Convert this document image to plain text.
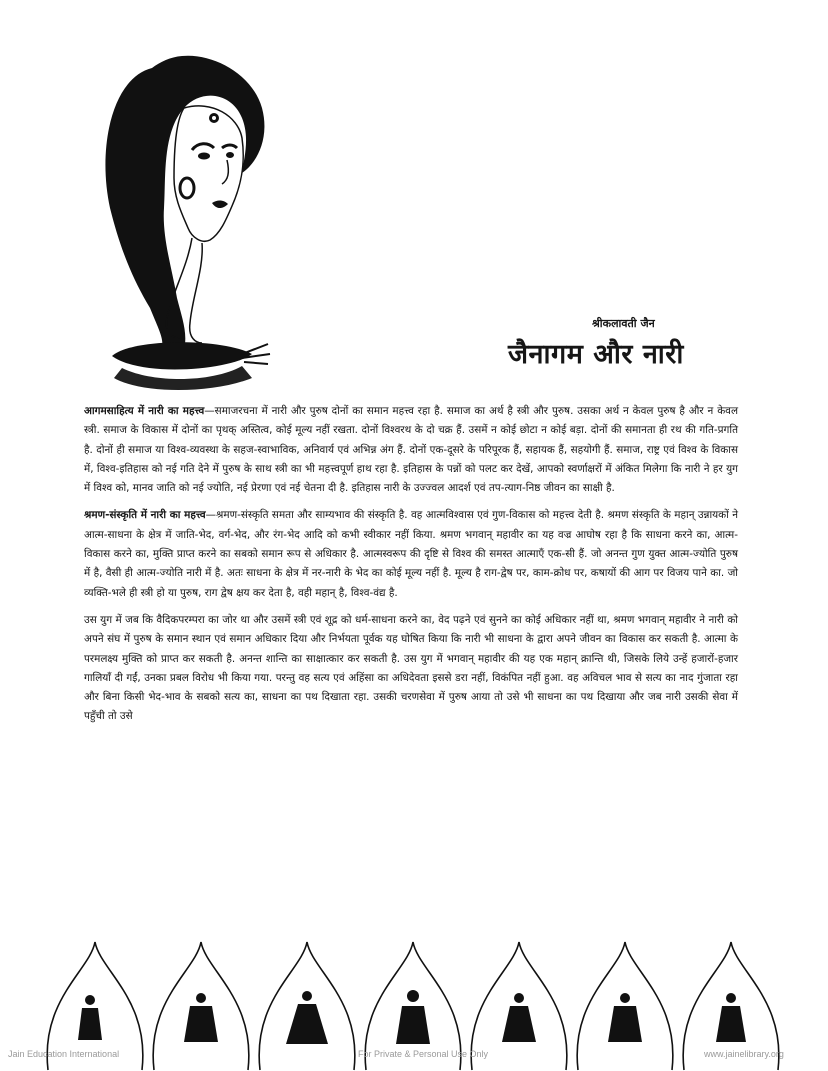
श्रीकलावती जैन
जैनागम और नारी

आगमसाहित्य में नारी का महत्त्व—समाजरचना में नारी और पुरुष दोनों का समान महत्त्व रहा है. समाज का अर्थ है स्त्री और पुरुष. उसका अर्थ न केवल पुरुष है और न केवल स्त्री. समाज के विकास में दोनों का पृथक् अस्तित्व, कोई मूल्य नहीं रखता. दोनों विश्वरथ के दो चक्र हैं. उसमें न कोई छोटा न कोई बड़ा. दोनों की समानता ही रथ की गति-प्रगति है. दोनों ही समाज या विश्व-व्यवस्था के सहज-स्वाभाविक, अनिवार्य एवं अभिन्न अंग हैं. दोनों एक-दूसरे के परिपूरक हैं, सहायक हैं, सहयोगी हैं. समाज, राष्ट्र एवं विश्व के विकास में, विश्व-इतिहास को नई गति देने में पुरुष के साथ स्त्री का भी महत्त्वपूर्ण हाथ रहा है. इतिहास के पन्नों को पलट कर देखें, आपको स्वर्णाक्षरों में अंकित मिलेगा कि नारी ने हर युग में विश्व को, मानव जाति को नई ज्योति, नई प्रेरणा एवं नई चेतना दी है. इतिहास नारी के उज्ज्वल आदर्श एवं तप-त्याग-निष्ठ जीवन का साक्षी है.

श्रमण-संस्कृति में नारी का महत्त्व—श्रमण-संस्कृति समता और साम्यभाव की संस्कृति है. वह आत्मविश्वास एवं गुण-विकास को महत्त्व देती है. श्रमण संस्कृति के महान् उन्नायकों ने आत्म-साधना के क्षेत्र में जाति-भेद, वर्ग-भेद, और रंग-भेद आदि को कभी स्वीकार नहीं किया. श्रमण भगवान् महावीर का यह वज्र आघोष रहा है कि साधना करने का, आत्म-विकास करने का, मुक्ति प्राप्त करने का सबको समान रूप से अधिकार है. आत्मस्वरूप की दृष्टि से विश्व की समस्त आत्माएँ एक-सी हैं. जो अनन्त गुण युक्त आत्म-ज्योति पुरुष में है, वैसी ही आत्म-ज्योति नारी में है. अतः साधना के क्षेत्र में नर-नारी के भेद का कोई मूल्य नहीं है. मूल्य है राग-द्वेष पर, काम-क्रोध पर, कषायों की आग पर विजय पाने का. जो व्यक्ति-भले ही स्त्री हो या पुरुष, राग द्वेष क्षय कर देता है, वही महान् है, विश्व-वंद्य है.

उस युग में जब कि वैदिकपरम्परा का जोर था और उसमें स्त्री एवं शूद्र को धर्म-साधना करने का, वेद पढ़ने एवं सुनने का कोई अधिकार नहीं था, श्रमण भगवान् महावीर ने नारी को अपने संघ में पुरुष के समान स्थान एवं समान अधिकार दिया और निर्भयता पूर्वक यह घोषित किया कि नारी भी साधना के द्वारा अपने जीवन का विकास कर सकती है. आत्मा के परमलक्ष्य मुक्ति को प्राप्त कर सकती है. अनन्त शान्ति का साक्षात्कार कर सकती है. उस युग में भगवान् महावीर की यह एक महान् क्रान्ति थी, जिसके लिये उन्हें हजारों-हजार गालियाँ दी गईं, उनका प्रबल विरोध भी किया गया. परन्तु वह सत्य एवं अहिंसा का अधिदेवता इससे डरा नहीं, विकंपित नहीं हुआ. वह अविचल भाव से सत्य का नाद गुंजाता रहा और बिना किसी भेद-भाव के सबको सत्य का, साधना का पथ दिखाता रहा. उसकी चरणसेवा में पुरुष आया तो उसे भी साधना का पथ दिखाया और जब नारी उसकी सेवा में पहुँची तो उसे

Jain Education International	For Private & Personal Use Only	www.jainelibrary.org
